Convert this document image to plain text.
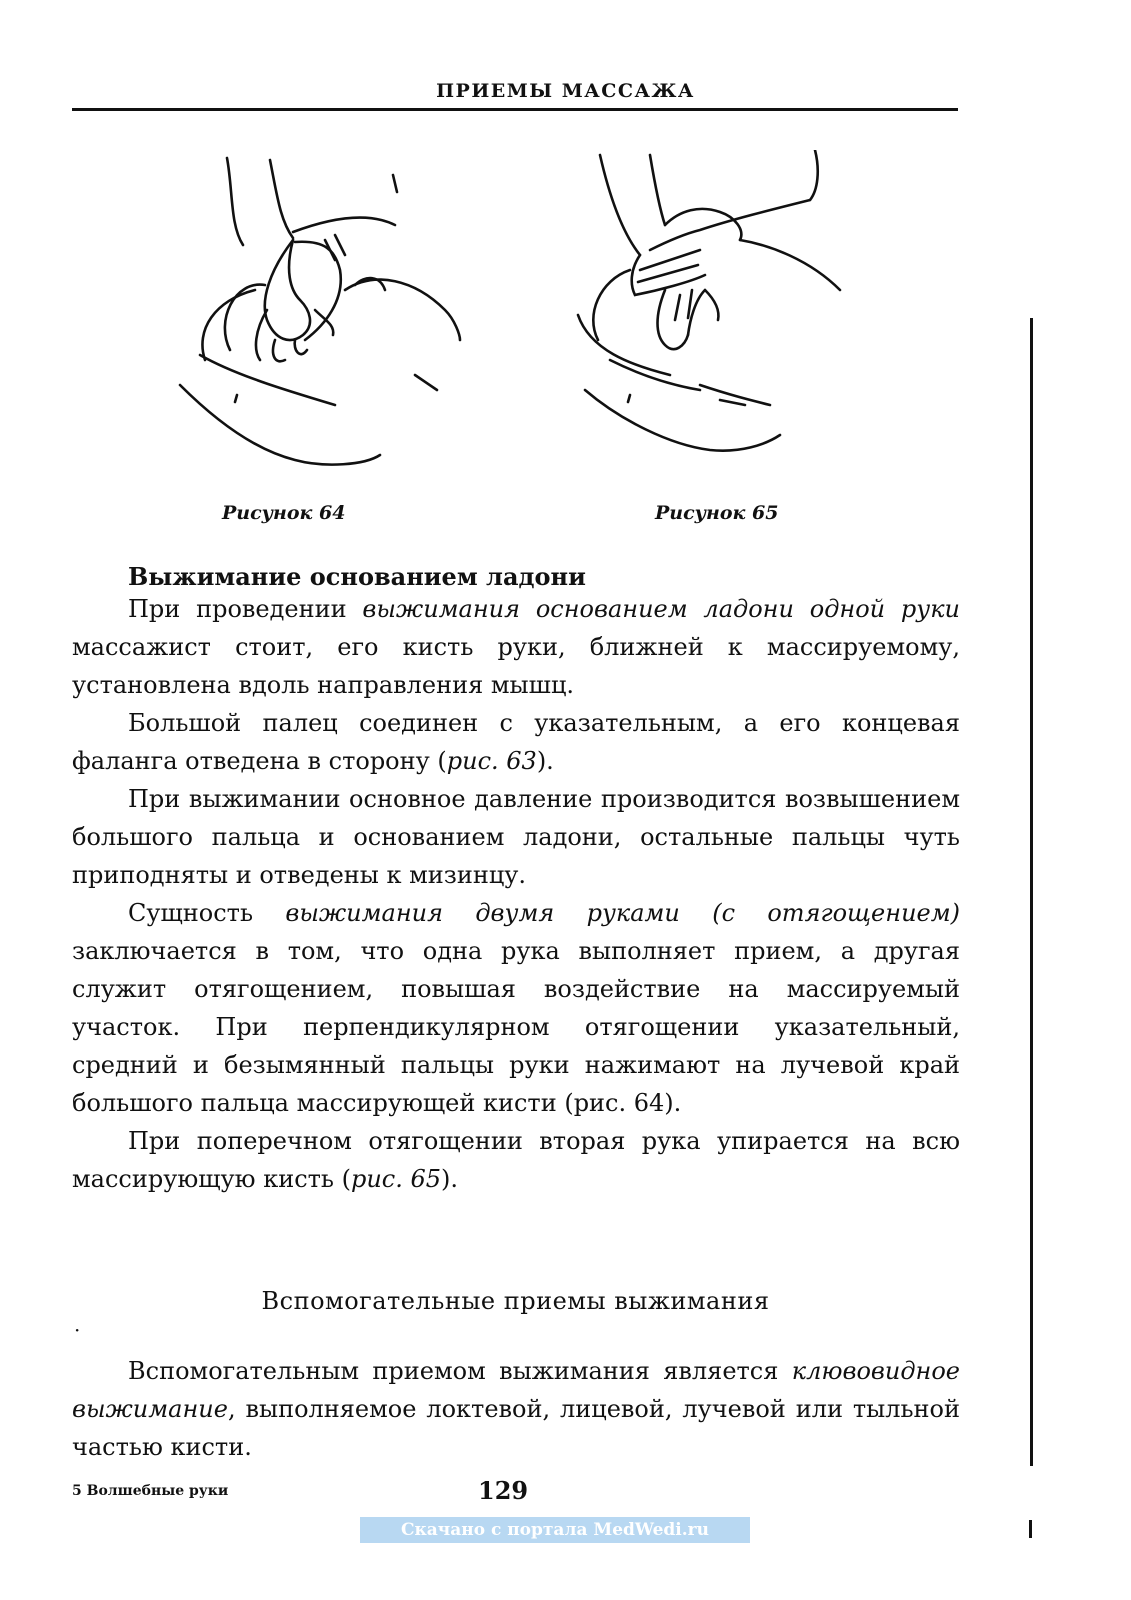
ПРИЕМЫ МАССАЖА
Рисунок 64	Рисунок 65
Выжимание основанием ладони

При проведении выжимания основанием ладони одной руки массажист стоит, его кисть руки, ближней к массируемому, установлена вдоль направления мышц.

Большой палец соединен с указательным, а его концевая фаланга отведена в сторону (рис. 63).

При выжимании основное давление производится возвышением большого пальца и основанием ладони, остальные пальцы чуть приподняты и отведены к мизинцу.

Сущность выжимания двумя руками (с отягощением) заключается в том, что одна рука выполняет прием, а другая служит отягощением, повышая воздействие на массируемый участок. При перпендикулярном отягощении указательный, средний и безымянный пальцы руки нажимают на лучевой край большого пальца массирующей кисти (рис. 64).

При поперечном отягощении вторая рука упирается на всю массирующую кисть (рис. 65).

Вспомогательные приемы выжимания
·

Вспомогательным приемом выжимания является клювовидное выжимание, выполняемое локтевой, лицевой, лучевой или тыльной частью кисти.

5 Волшебные руки	129
Скачано с портала MedWedi.ru
